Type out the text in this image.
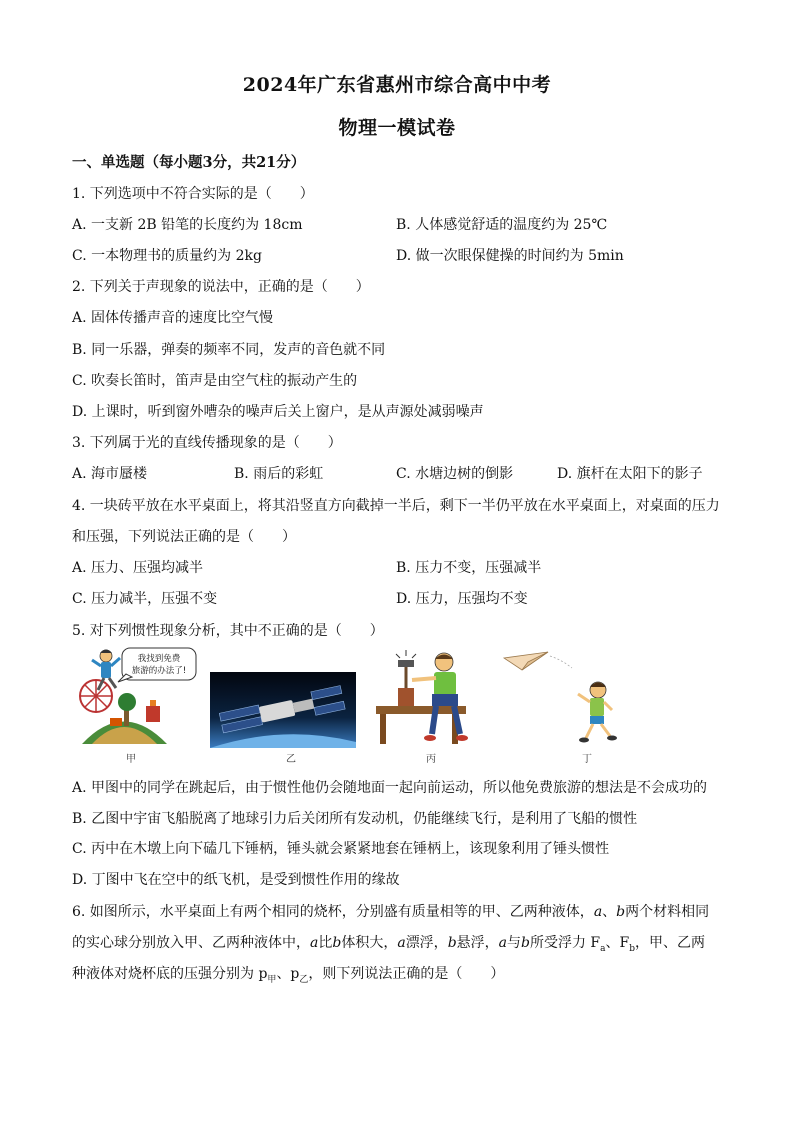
2024年广东省惠州市综合高中中考
物理一模试卷
一、单选题（每小题3分，共21分）
1. 下列选项中不符合实际的是（　　）
A. 一支新 2B 铅笔的长度约为 18cm	B. 人体感觉舒适的温度约为 25℃
C. 一本物理书的质量约为 2kg	D. 做一次眼保健操的时间约为 5min
2. 下列关于声现象的说法中，正确的是（　　）
A. 固体传播声音的速度比空气慢
B. 同一乐器，弹奏的频率不同，发声的音色就不同
C. 吹奏长笛时，笛声是由空气柱的振动产生的
D. 上课时，听到窗外嘈杂的噪声后关上窗户，是从声源处减弱噪声
3. 下列属于光的直线传播现象的是（　　）
A. 海市蜃楼	B. 雨后的彩虹	C. 水塘边树的倒影	D. 旗杆在太阳下的影子
4. 一块砖平放在水平桌面上，将其沿竖直方向截掉一半后，剩下一半仍平放在水平桌面上，对桌面的压力
和压强，下列说法正确的是（　　）
A. 压力、压强均减半	B. 压力不变，压强减半
C. 压力减半，压强不变	D. 压力，压强均不变
5. 对下列惯性现象分析，其中不正确的是（　　）
我找到免费
旅游的办法了!
甲	乙	丙	丁
A. 甲图中的同学在跳起后，由于惯性他仍会随地面一起向前运动，所以他免费旅游的想法是不会成功的
B. 乙图中宇宙飞船脱离了地球引力后关闭所有发动机，仍能继续飞行，是利用了飞船的惯性
C. 丙中在木墩上向下磕几下锤柄，锤头就会紧紧地套在锤柄上，该现象利用了锤头惯性
D. 丁图中飞在空中的纸飞机，是受到惯性作用的缘故
6. 如图所示，水平桌面上有两个相同的烧杯，分别盛有质量相等的甲、乙两种液体，a、b两个材料相同
的实心球分别放入甲、乙两种液体中，a比b体积大，a漂浮，b悬浮，a与b所受浮力 $F_a$、$F_b$，甲、乙两
种液体对烧杯底的压强分别为 $p_甲$、$p_乙$，则下列说法正确的是（　　）
